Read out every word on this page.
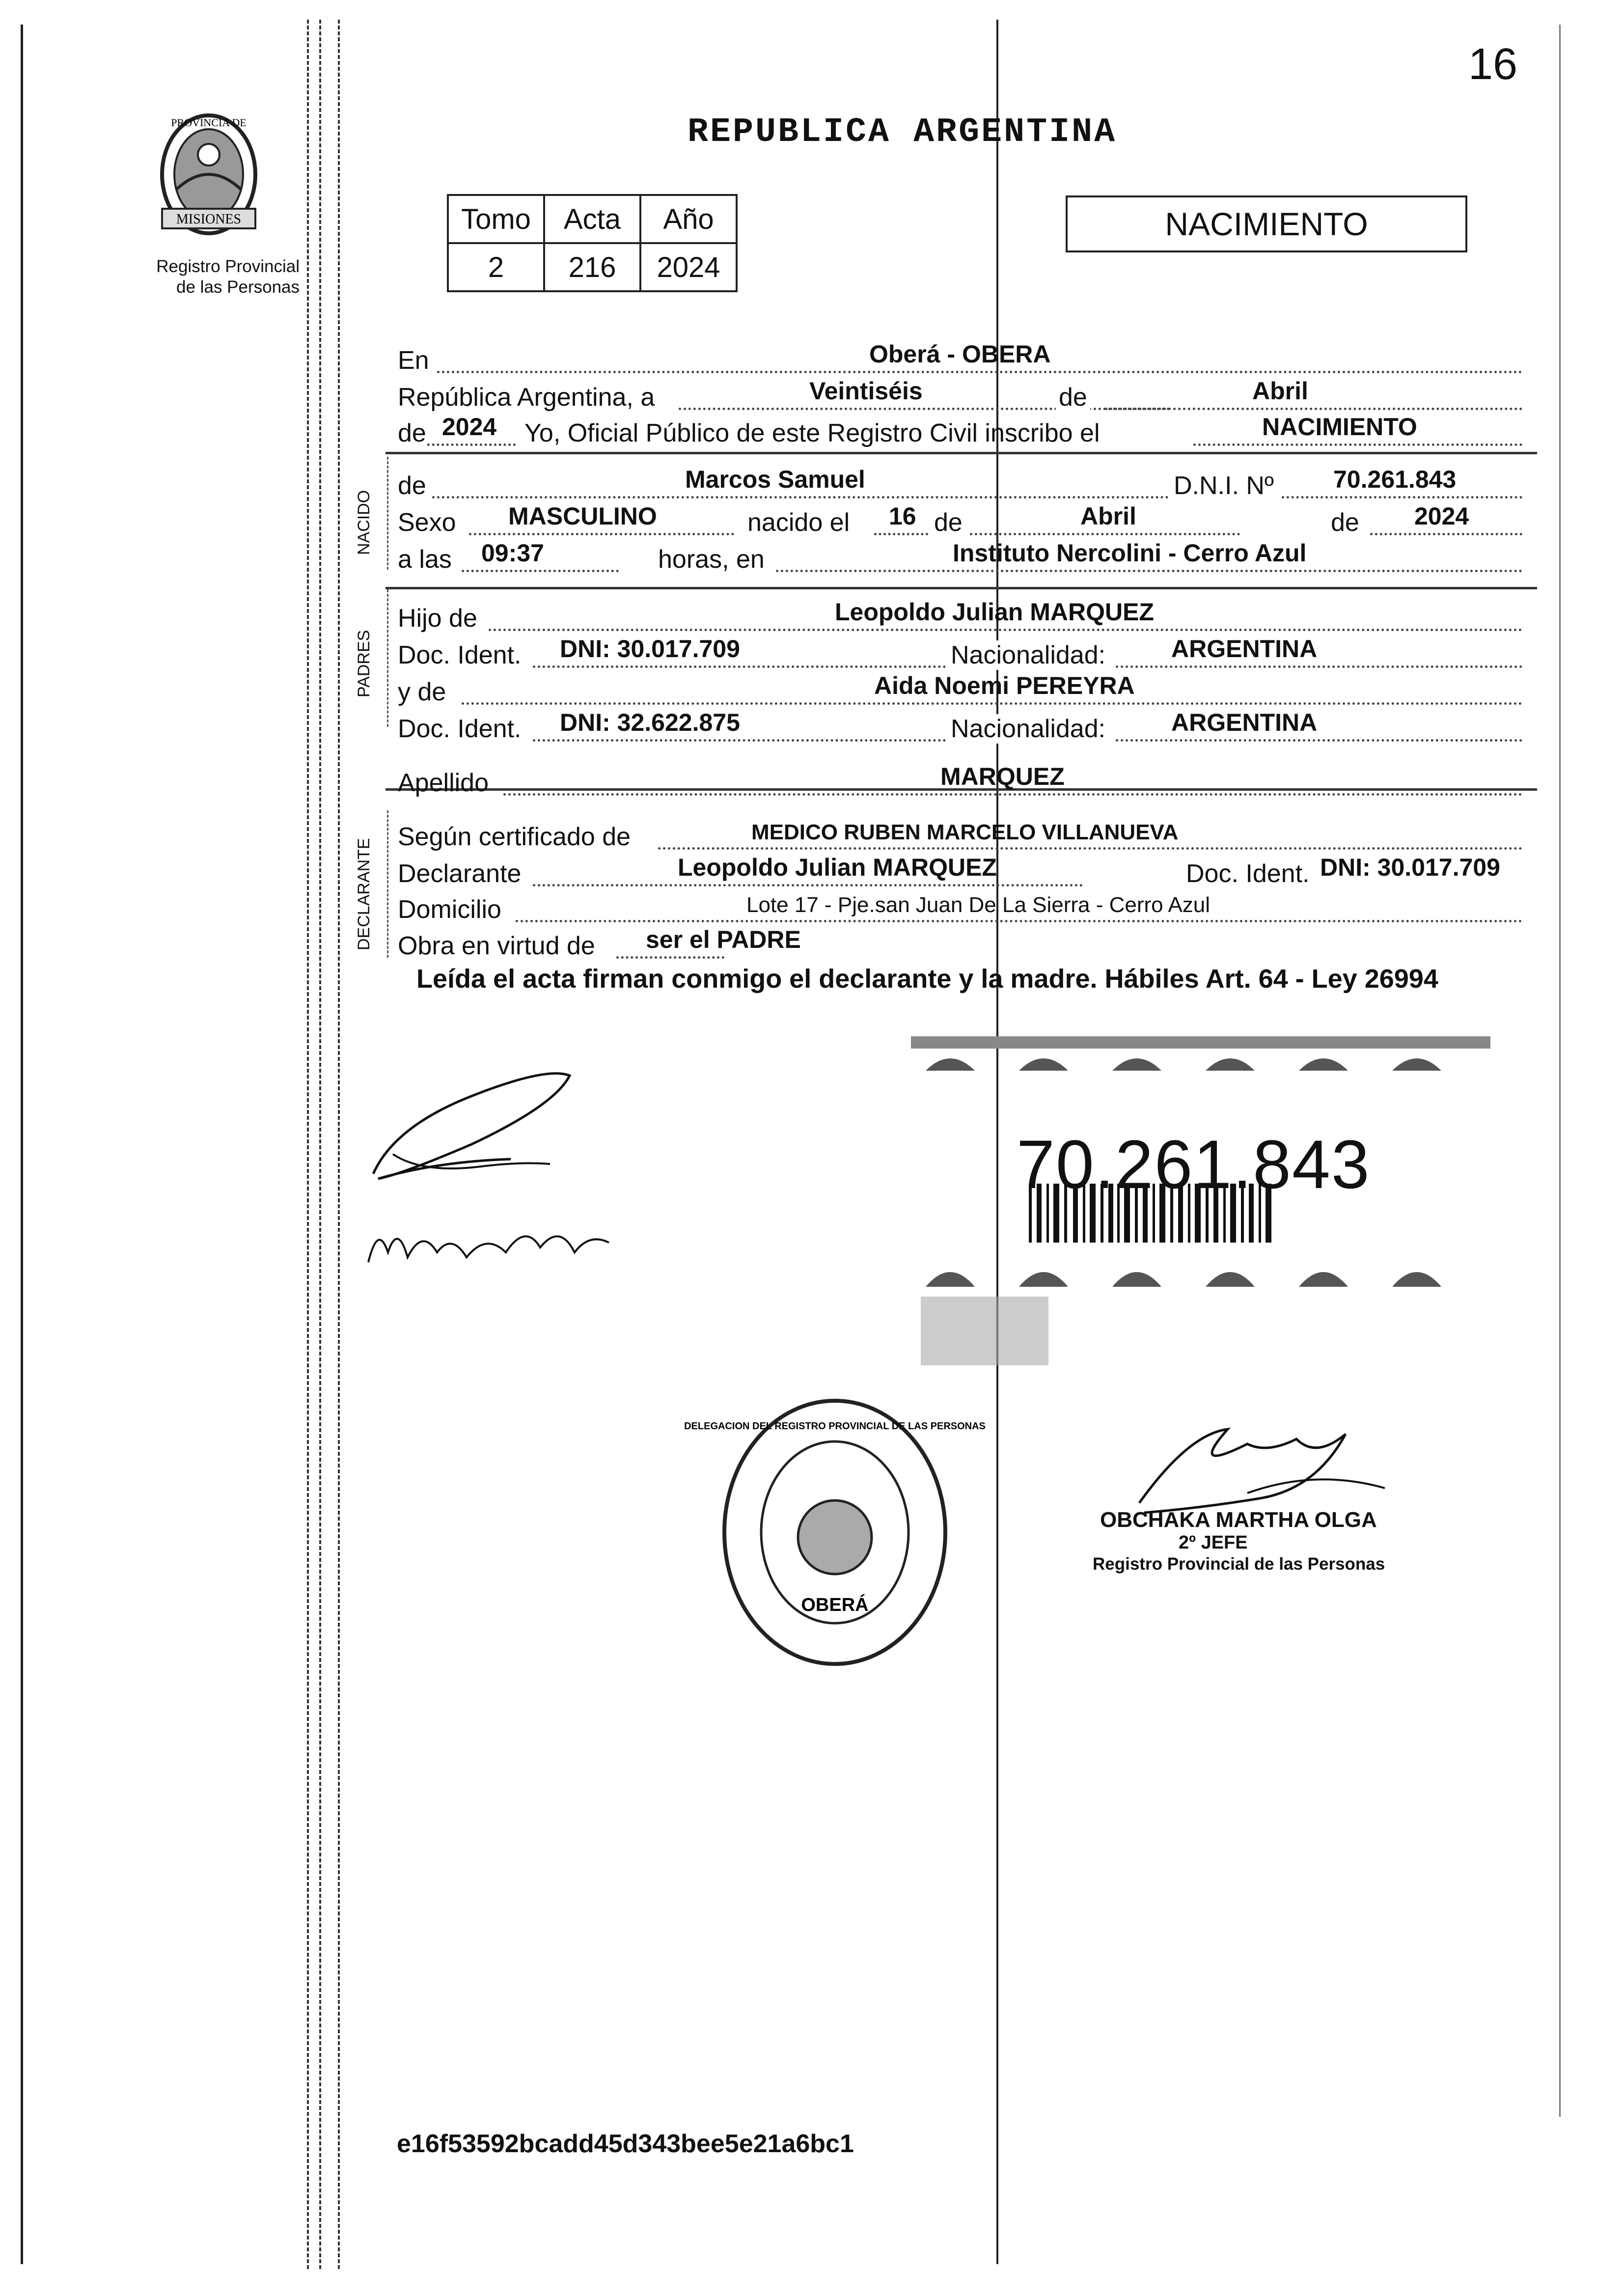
16
PROVINCIA DE
MISIONES
Registro Provincial
de las Personas
REPUBLICA ARGENTINA
Tomo	Acta	Año
2	216	2024
NACIMIENTO
NACIDO
PADRES
DECLARANTE
En	Oberá - OBERA
República Argentina, a	Veintiséis	de	Abril
de 2024 Yo, Oficial Público de este Registro Civil inscribo el	NACIMIENTO
de	Marcos Samuel	D.N.I. Nº 70.261.843
Sexo MASCULINO	nacido el 16 de	Abril	de 2024
a las 09:37	horas, en	Instituto Nercolini - Cerro Azul
Hijo de	Leopoldo Julian MARQUEZ
Doc. Ident. DNI: 30.017.709	Nacionalidad:	ARGENTINA
y de	Aida Noemi PEREYRA
Doc. Ident. DNI: 32.622.875	Nacionalidad:	ARGENTINA
Apellido	MARQUEZ
Según certificado de	MEDICO RUBEN MARCELO VILLANUEVA
Declarante	Leopoldo Julian MARQUEZ	Doc. Ident. DNI: 30.017.709
Domicilio	Lote 17 - Pje.san Juan De La Sierra - Cerro Azul
Obra en virtud de ser el PADRE
Leída el acta firman conmigo el declarante y la madre. Hábiles Art. 64 - Ley 26994
70.261.843
OBERÁ
DELEGACION DEL REGISTRO PROVINCIAL DE LAS PERSONAS
OBCHAKA MARTHA OLGA
2º JEFE
Registro Provincial de las Personas
e16f53592bcadd45d343bee5e21a6bc1
